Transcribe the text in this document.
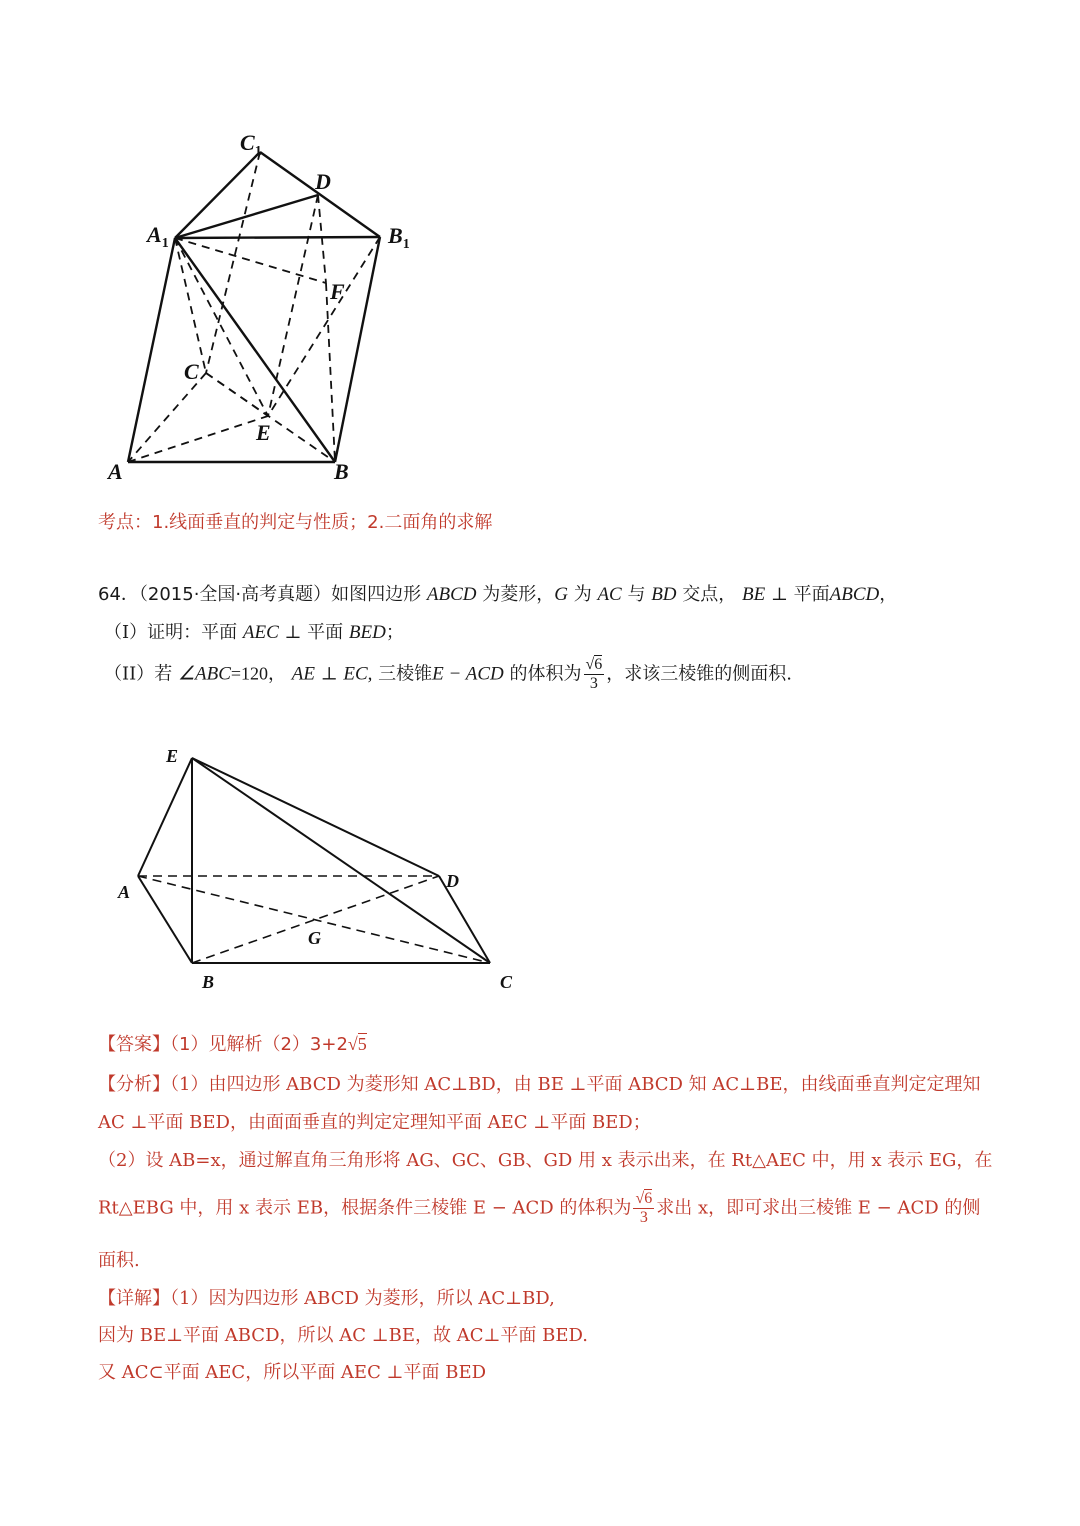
$C_1$
D
$A_1$	$B_1$
F
C
E
A	B
考点：1.线面垂直的判定与性质；2.二面角的求解
64．（2015·全国·高考真题）如图四边形 ABCD 为菱形，G 为 AC 与 BD 交点， BE ⊥ 平面ABCD，
（I）证明：平面 AEC ⊥ 平面 BED；
（II）若 ∠ABC=120， AE ⊥ EC, 三棱锥E − ACD 的体积为 $\frac{√6}{3}$ ，求该三棱锥的侧面积.
E
A
D
G
B	C
【答案】（1）见解析（2）3+2√5
【分析】（1）由四边形 ABCD 为菱形知 AC⊥BD，由 BE ⊥平面 ABCD 知 AC⊥BE，由线面垂直判定定理知
AC ⊥平面 BED，由面面垂直的判定定理知平面 AEC ⊥平面 BED；
（2）设 AB=x，通过解直角三角形将 AG、GC、GB、GD 用 x 表示出来，在 Rt△AEC 中，用 x 表示 EG，在
Rt△EBG 中，用 x 表示 EB，根据条件三棱锥 E − ACD 的体积为 $\frac{√6}{3}$ 求出 x，即可求出三棱锥 E − ACD 的侧
面积.
【详解】（1）因为四边形 ABCD 为菱形，所以 AC⊥BD,
因为 BE⊥平面 ABCD，所以 AC ⊥BE，故 AC⊥平面 BED.
又 AC⊂平面 AEC，所以平面 AEC ⊥平面 BED
